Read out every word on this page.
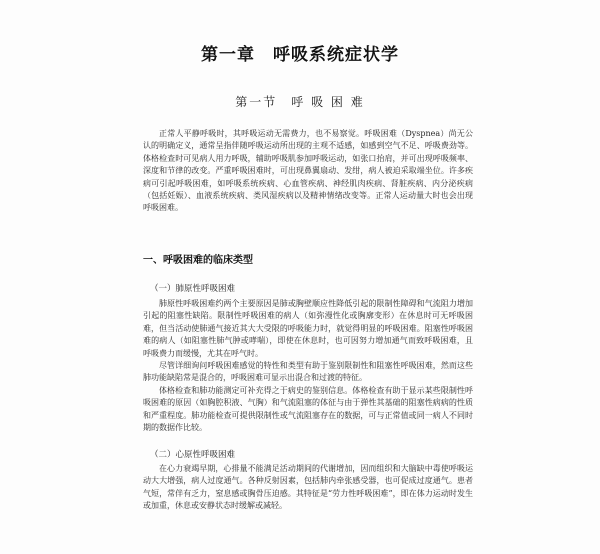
第一章　呼吸系统症状学
第一节　呼 吸 困 难

正常人平静呼吸时，其呼吸运动无需费力，也不易察觉。呼吸困难（Dyspnea）尚无公认的明确定义，通常呈指伴随呼吸运动所出现的主观不适感，如感到空气不足、呼吸费劲等。体格检查时可见病人用力呼吸，辅助呼吸肌参加呼吸运动，如张口抬肩，并可出现呼吸频率、深度和节律的改变。严重呼吸困难时，可出现鼻翼扇动、发绀，病人被迫采取端坐位。许多疾病可引起呼吸困难，如呼吸系统疾病、心血管疾病、神经肌肉疾病、肾脏疾病、内分泌疾病（包括妊娠）、血液系统疾病、类风湿疾病以及精神情绪改变等。正常人运动量大时也会出现呼吸困难。

一、呼吸困难的临床类型
（一）肺原性呼吸困难

肺原性呼吸困难约两个主要原因是肺或胸壁顺应性降低引起的限制性障碍和气流阻力增加引起的阻塞性缺陷。限制性呼吸困难的病人（如弥漫性化或胸廓变形）在休息时可无呼吸困难，但当活动使肺通气接近其大大受限的呼吸能力时，就觉得明显的呼吸困难。阻塞性呼吸困难的病人（如阻塞性肺气肿或哮喘），即使在休息时，也可因努力增加通气而致呼吸困难，且呼吸费力而缓慢，尤其在呼气时。

尽管详细询问呼吸困难感觉的特性和类型有助于鉴别限制性和阻塞性呼吸困难，然而这些肺功能缺陷常是混合的，呼吸困难可显示出混合和过渡的特征。

体格检查和肺功能测定可补充得之于病史的鉴别信息。体格检查有助于显示某些限制性呼吸困难的原因（如胸腔积液、气胸）和气流阻塞的体征与由于弹性其基础的阻塞性病病的性质和严重程度。肺功能检查可提供限制性或气流阻塞存在的数据，可与正常值或同一病人不同时期的数据作比较。

（二）心原性呼吸困难

在心力衰竭早期，心排量不能满足活动期间的代谢增加，因而组织和大脑缺中毒使呼吸运动大大增强，病人过度通气。各种反射因素，包括肺内牵张感受器，也可促成过度通气。患者气短，常伴有乏力，窒息感或胸骨压迫感。其特征是“劳力性呼吸困难”，即在体力运动时发生或加重，休息或安静状态时缓解或减轻。
